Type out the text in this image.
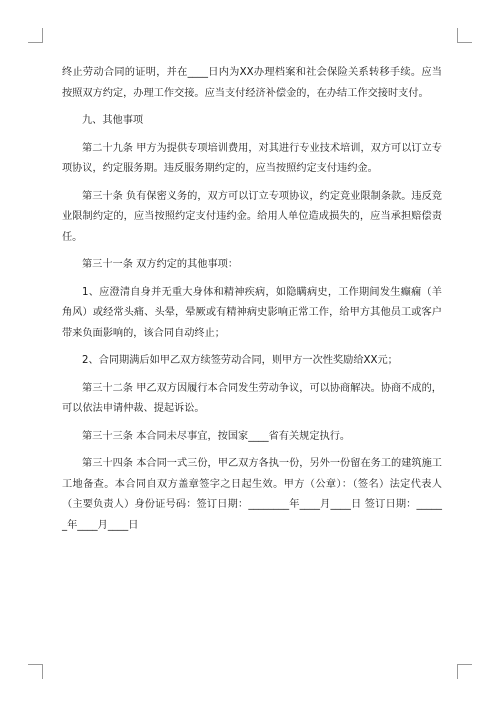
终止劳动合同的证明，并在____日内为XX办理档案和社会保险关系转移手续。应当按照双方约定，办理工作交接。应当支付经济补偿金的，在办结工作交接时支付。

九、其他事项

第二十九条 甲方为提供专项培训费用，对其进行专业技术培训，双方可以订立专项协议，约定服务期。违反服务期约定的，应当按照约定支付违约金。

第三十条 负有保密义务的，双方可以订立专项协议，约定竞业限制条款。违反竞业限制约定的，应当按照约定支付违约金。给用人单位造成损失的，应当承担赔偿责任。

第三十一条 双方约定的其他事项：

1、应澄清自身并无重大身体和精神疾病，如隐瞒病史，工作期间发生癫痫（羊角风）或经常头痛、头晕，晕厥或有精神病史影响正常工作，给甲方其他员工或客户带来负面影响的，该合同自动终止；

2、合同期满后如甲乙双方续签劳动合同，则甲方一次性奖励给XX元；

第三十二条 甲乙双方因履行本合同发生劳动争议，可以协商解决。协商不成的，可以依法申请仲裁、提起诉讼。

第三十三条 本合同未尽事宜，按国家____省有关规定执行。

第三十四条 本合同一式三份，甲乙双方各执一份，另外一份留在务工的建筑施工工地备查。本合同自双方盖章签字之日起生效。甲方（公章）：（签名）法定代表人（主要负责人）身份证号码：签订日期：________年____月____日 签订日期：______年____月____日
